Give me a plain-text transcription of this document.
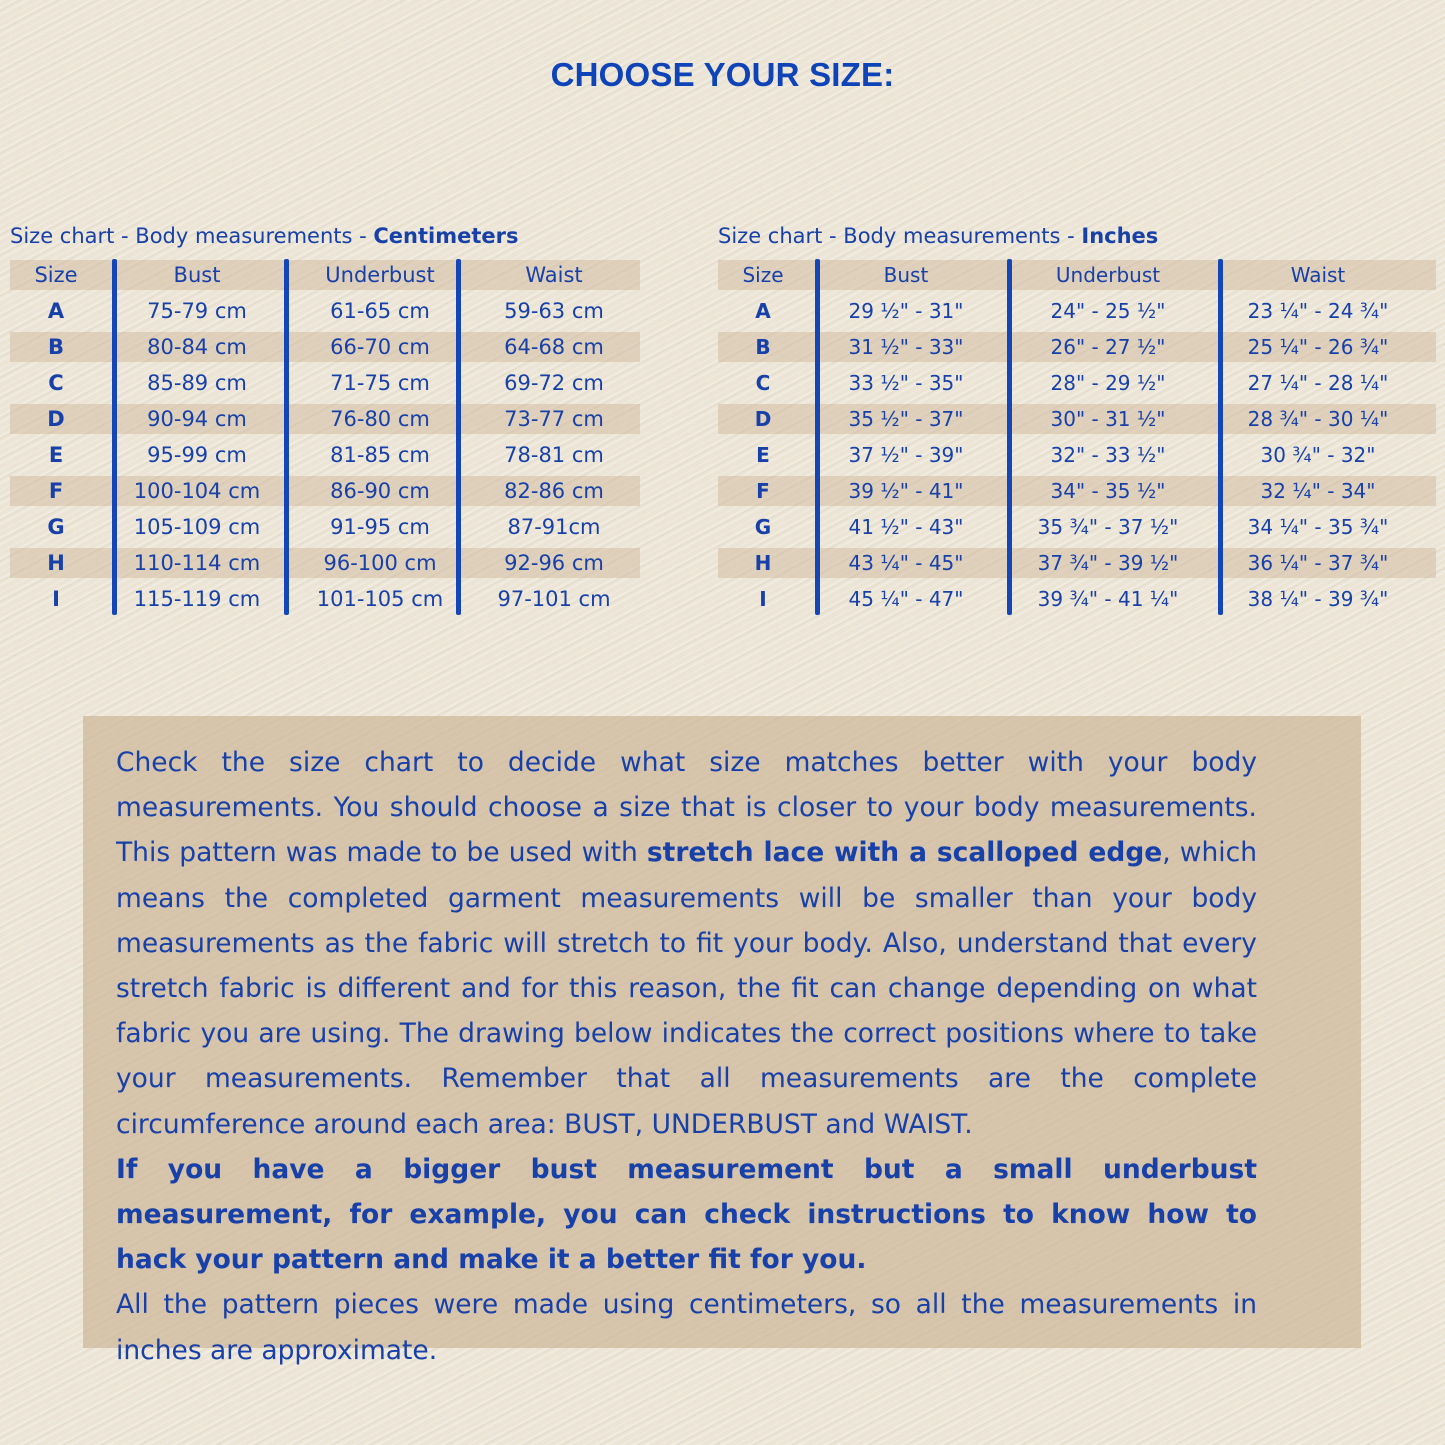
CHOOSE YOUR SIZE:
Size chart - Body measurements - Centimeters
Size	Bust	Underbust	Waist
A	75-79 cm	61-65 cm	59-63 cm
B	80-84 cm	66-70 cm	64-68 cm
C	85-89 cm	71-75 cm	69-72 cm
D	90-94 cm	76-80 cm	73-77 cm
E	95-99 cm	81-85 cm	78-81 cm
F	100-104 cm	86-90 cm	82-86 cm
G	105-109 cm	91-95 cm	87-91cm
H	110-114 cm	96-100 cm	92-96 cm
I	115-119 cm	101-105 cm	97-101 cm
Size chart - Body measurements - Inches
Size	Bust	Underbust	Waist
A	29 ½" - 31"	24" - 25 ½"	23 ¼" - 24 ¾"
B	31 ½" - 33"	26" - 27 ½"	25 ¼" - 26 ¾"
C	33 ½" - 35"	28" - 29 ½"	27 ¼" - 28 ¼"
D	35 ½" - 37"	30" - 31 ½"	28 ¾" - 30 ¼"
E	37 ½" - 39"	32" - 33 ½"	30 ¾" - 32"
F	39 ½" - 41"	34" - 35 ½"	32 ¼" - 34"
G	41 ½" - 43"	35 ¾" - 37 ½"	34 ¼" - 35 ¾"
H	43 ¼" - 45"	37 ¾" - 39 ½"	36 ¼" - 37 ¾"
I	45 ¼" - 47"	39 ¾" - 41 ¼"	38 ¼" - 39 ¾"

Check the size chart to decide what size matches better with your body measurements. You should choose a size that is closer to your body measurements. This pattern was made to be used with stretch lace with a scalloped edge, which means the completed garment measurements will be smaller than your body measurements as the fabric will stretch to fit your body. Also, understand that every stretch fabric is different and for this reason, the fit can change depending on what fabric you are using. The drawing below indicates the correct positions where to take your measurements. Remember that all measurements are the complete circumference around each area: BUST, UNDERBUST and WAIST.

If you have a bigger bust measurement but a small underbust measurement, for example, you can check instructions to know how to hack your pattern and make it a better fit for you.

All the pattern pieces were made using centimeters, so all the measurements in inches are approximate.
